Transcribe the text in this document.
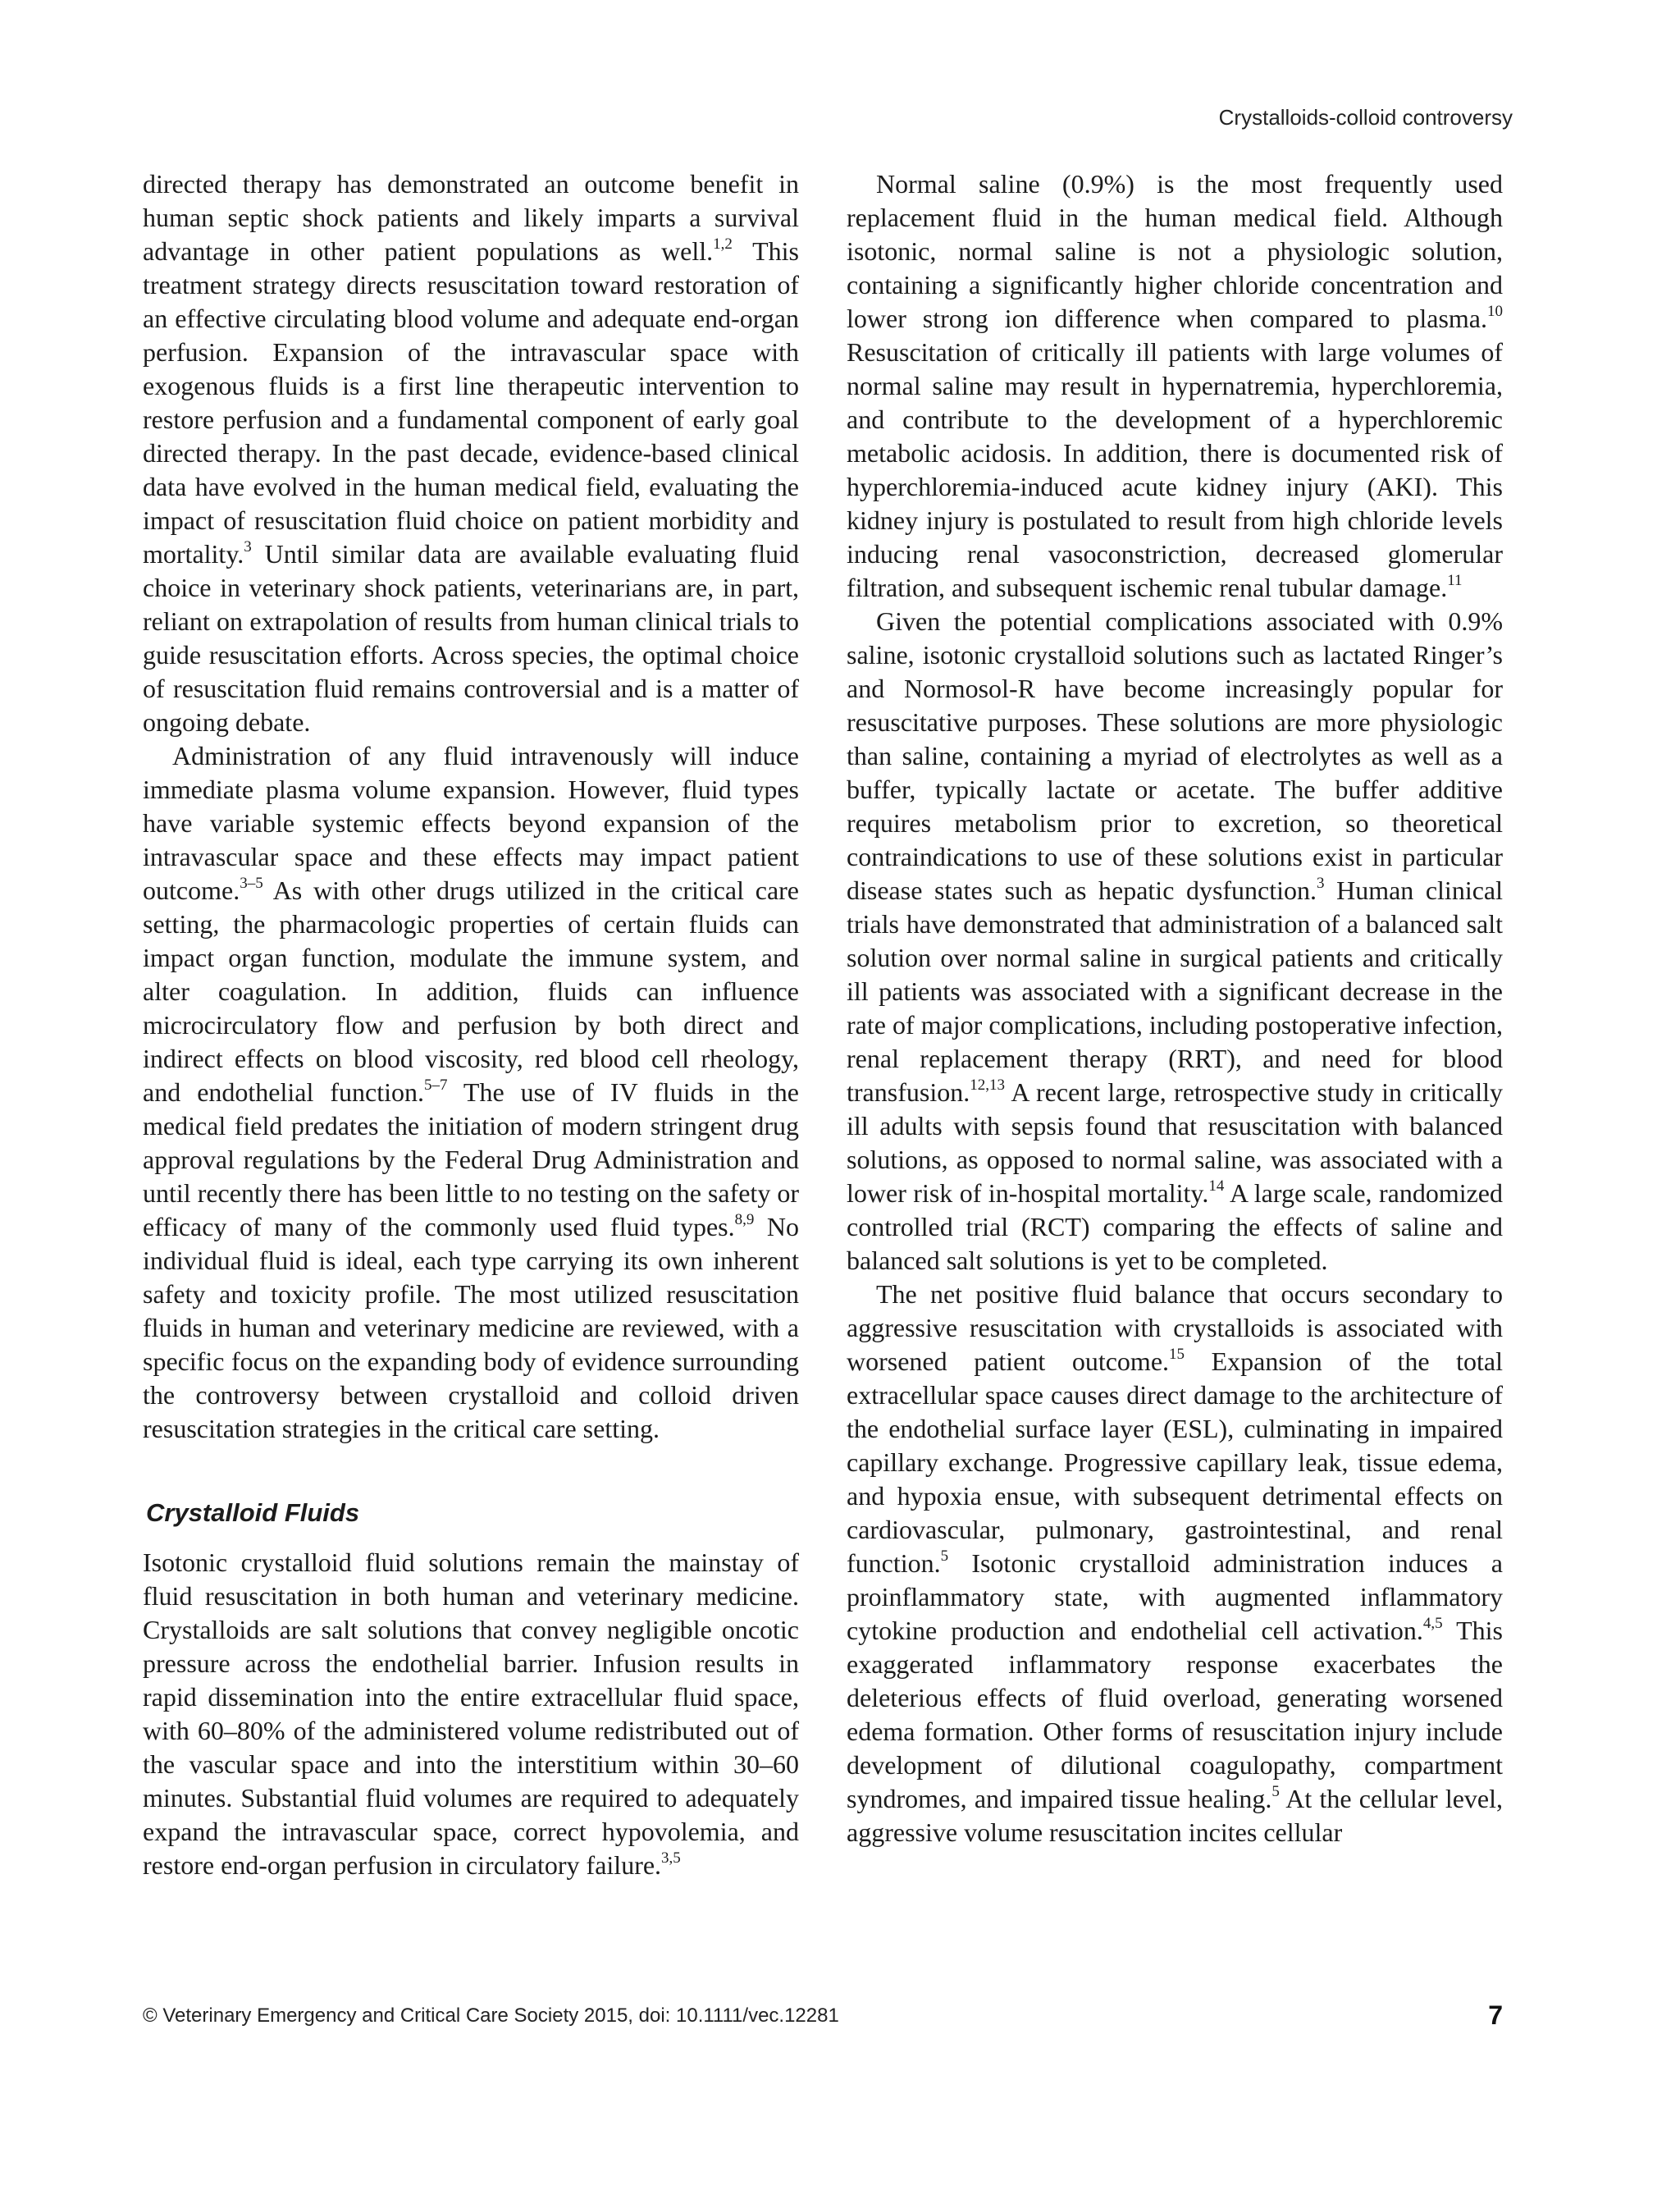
Crystalloids-colloid controversy

directed therapy has demonstrated an outcome benefit in human septic shock patients and likely imparts a survival advantage in other patient populations as well.$^{1,2}$ This treatment strategy directs resuscitation toward restoration of an effective circulating blood volume and adequate end-organ perfusion. Expansion of the intravascular space with exogenous fluids is a first line therapeutic intervention to restore perfusion and a fundamental component of early goal directed therapy. In the past decade, evidence-based clinical data have evolved in the human medical field, evaluating the impact of resuscitation fluid choice on patient morbidity and mortality.$^3$ Until similar data are available evaluating fluid choice in veterinary shock patients, veterinarians are, in part, reliant on extrapolation of results from human clinical trials to guide resuscitation efforts. Across species, the optimal choice of resuscitation fluid remains controversial and is a matter of ongoing debate.

Administration of any fluid intravenously will induce immediate plasma volume expansion. However, fluid types have variable systemic effects beyond expansion of the intravascular space and these effects may impact patient outcome.$^{3-5}$ As with other drugs utilized in the critical care setting, the pharmacologic properties of certain fluids can impact organ function, modulate the immune system, and alter coagulation. In addition, fluids can influence microcirculatory flow and perfusion by both direct and indirect effects on blood viscosity, red blood cell rheology, and endothelial function.$^{5-7}$ The use of IV fluids in the medical field predates the initiation of modern stringent drug approval regulations by the Federal Drug Administration and until recently there has been little to no testing on the safety or efficacy of many of the commonly used fluid types.$^{8,9}$ No individual fluid is ideal, each type carrying its own inherent safety and toxicity profile. The most utilized resuscitation fluids in human and veterinary medicine are reviewed, with a specific focus on the expanding body of evidence surrounding the controversy between crystalloid and colloid driven resuscitation strategies in the critical care setting.

Crystalloid Fluids

Isotonic crystalloid fluid solutions remain the mainstay of fluid resuscitation in both human and veterinary medicine. Crystalloids are salt solutions that convey negligible oncotic pressure across the endothelial barrier. Infusion results in rapid dissemination into the entire extracellular fluid space, with 60–80% of the administered volume redistributed out of the vascular space and into the interstitium within 30–60 minutes. Substantial fluid volumes are required to adequately expand the intravascular space, correct hypovolemia, and restore end-organ perfusion in circulatory failure.$^{3,5}$

Normal saline (0.9%) is the most frequently used replacement fluid in the human medical field. Although isotonic, normal saline is not a physiologic solution, containing a significantly higher chloride concentration and lower strong ion difference when compared to plasma.$^{10}$ Resuscitation of critically ill patients with large volumes of normal saline may result in hypernatremia, hyperchloremia, and contribute to the development of a hyperchloremic metabolic acidosis. In addition, there is documented risk of hyperchloremia-induced acute kidney injury (AKI). This kidney injury is postulated to result from high chloride levels inducing renal vasoconstriction, decreased glomerular filtration, and subsequent ischemic renal tubular damage.$^{11}$

Given the potential complications associated with 0.9% saline, isotonic crystalloid solutions such as lactated Ringer’s and Normosol-R have become increasingly popular for resuscitative purposes. These solutions are more physiologic than saline, containing a myriad of electrolytes as well as a buffer, typically lactate or acetate. The buffer additive requires metabolism prior to excretion, so theoretical contraindications to use of these solutions exist in particular disease states such as hepatic dysfunction.$^3$ Human clinical trials have demonstrated that administration of a balanced salt solution over normal saline in surgical patients and critically ill patients was associated with a significant decrease in the rate of major complications, including postoperative infection, renal replacement therapy (RRT), and need for blood transfusion.$^{12,13}$ A recent large, retrospective study in critically ill adults with sepsis found that resuscitation with balanced solutions, as opposed to normal saline, was associated with a lower risk of in-hospital mortality.$^{14}$ A large scale, randomized controlled trial (RCT) comparing the effects of saline and balanced salt solutions is yet to be completed.

The net positive fluid balance that occurs secondary to aggressive resuscitation with crystalloids is associated with worsened patient outcome.$^{15}$ Expansion of the total extracellular space causes direct damage to the architecture of the endothelial surface layer (ESL), culminating in impaired capillary exchange. Progressive capillary leak, tissue edema, and hypoxia ensue, with subsequent detrimental effects on cardiovascular, pulmonary, gastrointestinal, and renal function.$^5$ Isotonic crystalloid administration induces a proinflammatory state, with augmented inflammatory cytokine production and endothelial cell activation.$^{4,5}$ This exaggerated inflammatory response exacerbates the deleterious effects of fluid overload, generating worsened edema formation. Other forms of resuscitation injury include development of dilutional coagulopathy, compartment syndromes, and impaired tissue healing.$^5$ At the cellular level, aggressive volume resuscitation incites cellular

© Veterinary Emergency and Critical Care Society 2015, doi: 10.1111/vec.12281	7
